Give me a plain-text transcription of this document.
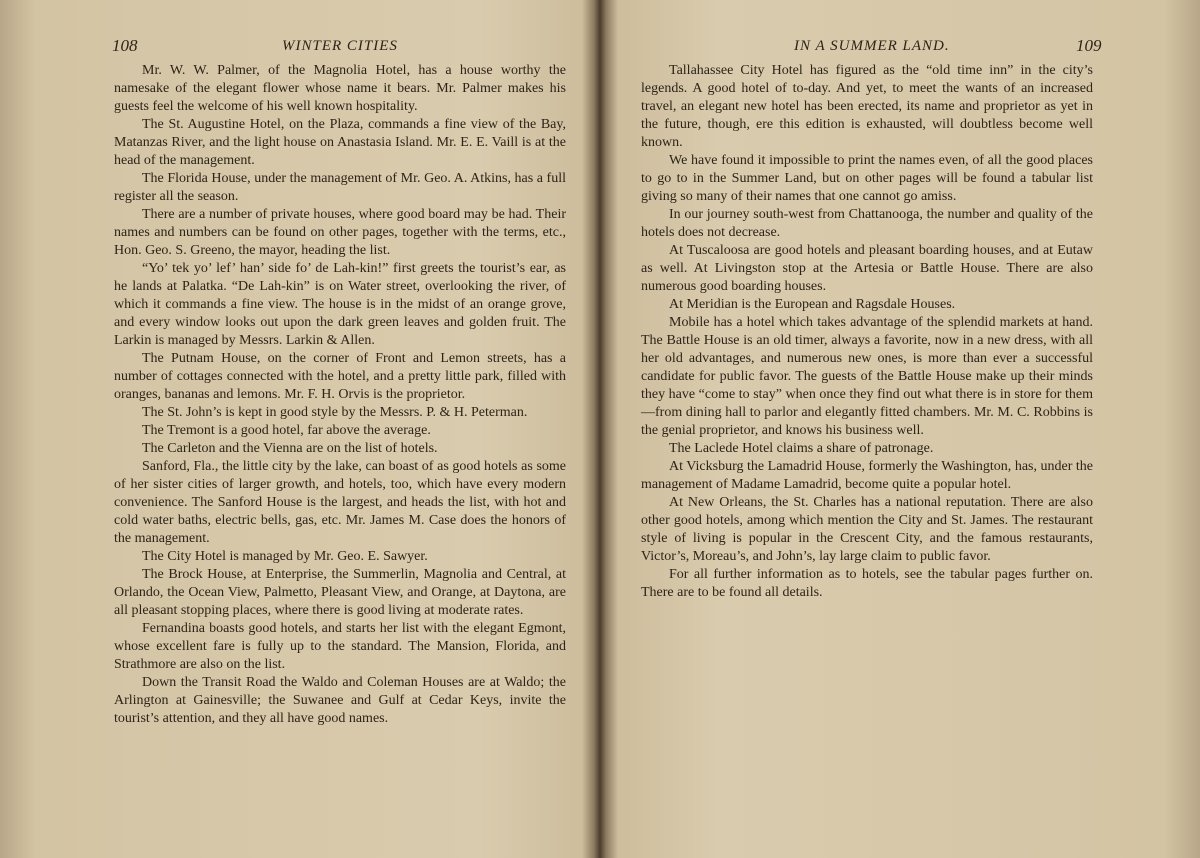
108	WINTER CITIES

Mr. W. W. Palmer, of the Magnolia Hotel, has a house worthy the namesake of the elegant flower whose name it bears. Mr. Palmer makes his guests feel the welcome of his well known hospitality.

The St. Augustine Hotel, on the Plaza, commands a fine view of the Bay, Matanzas River, and the light house on Anastasia Island. Mr. E. E. Vaill is at the head of the management.

The Florida House, under the management of Mr. Geo. A. Atkins, has a full register all the season.

There are a number of private houses, where good board may be had. Their names and numbers can be found on other pages, together with the terms, etc., Hon. Geo. S. Greeno, the mayor, heading the list.

“Yo’ tek yo’ lef’ han’ side fo’ de Lah-kin!” first greets the tourist’s ear, as he lands at Palatka. “De Lah-kin” is on Water street, overlooking the river, of which it commands a fine view. The house is in the midst of an orange grove, and every window looks out upon the dark green leaves and golden fruit. The Larkin is managed by Messrs. Larkin & Allen.

The Putnam House, on the corner of Front and Lemon streets, has a number of cottages connected with the hotel, and a pretty little park, filled with oranges, bananas and lemons. Mr. F. H. Orvis is the proprietor.

The St. John’s is kept in good style by the Messrs. P. & H. Peterman.

The Tremont is a good hotel, far above the average.

The Carleton and the Vienna are on the list of hotels.

Sanford, Fla., the little city by the lake, can boast of as good hotels as some of her sister cities of larger growth, and hotels, too, which have every modern convenience. The Sanford House is the largest, and heads the list, with hot and cold water baths, electric bells, gas, etc. Mr. James M. Case does the honors of the management.

The City Hotel is managed by Mr. Geo. E. Sawyer.

The Brock House, at Enterprise, the Summerlin, Magnolia and Central, at Orlando, the Ocean View, Palmetto, Pleasant View, and Orange, at Daytona, are all pleasant stopping places, where there is good living at moderate rates.

Fernandina boasts good hotels, and starts her list with the elegant Egmont, whose excellent fare is fully up to the standard. The Mansion, Florida, and Strathmore are also on the list.

Down the Transit Road the Waldo and Coleman Houses are at Waldo; the Arlington at Gainesville; the Suwanee and Gulf at Cedar Keys, invite the tourist’s attention, and they all have good names.

IN A SUMMER LAND.	109

Tallahassee City Hotel has figured as the “old time inn” in the city’s legends. A good hotel of to-day. And yet, to meet the wants of an increased travel, an elegant new hotel has been erected, its name and proprietor as yet in the future, though, ere this edition is exhausted, will doubtless become well known.

We have found it impossible to print the names even, of all the good places to go to in the Summer Land, but on other pages will be found a tabular list giving so many of their names that one cannot go amiss.

In our journey south-west from Chattanooga, the number and quality of the hotels does not decrease.

At Tuscaloosa are good hotels and pleasant boarding houses, and at Eutaw as well. At Livingston stop at the Artesia or Battle House. There are also numerous good boarding houses.

At Meridian is the European and Ragsdale Houses.

Mobile has a hotel which takes advantage of the splendid markets at hand. The Battle House is an old timer, always a favorite, now in a new dress, with all her old advantages, and numerous new ones, is more than ever a successful candidate for public favor. The guests of the Battle House make up their minds they have “come to stay” when once they find out what there is in store for them—from dining hall to parlor and elegantly fitted chambers. Mr. M. C. Robbins is the genial proprietor, and knows his business well.

The Laclede Hotel claims a share of patronage.

At Vicksburg the Lamadrid House, formerly the Washington, has, under the management of Madame Lamadrid, become quite a popular hotel.

At New Orleans, the St. Charles has a national reputation. There are also other good hotels, among which mention the City and St. James. The restaurant style of living is popular in the Crescent City, and the famous restaurants, Victor’s, Moreau’s, and John’s, lay large claim to public favor.

For all further information as to hotels, see the tabular pages further on. There are to be found all details.
